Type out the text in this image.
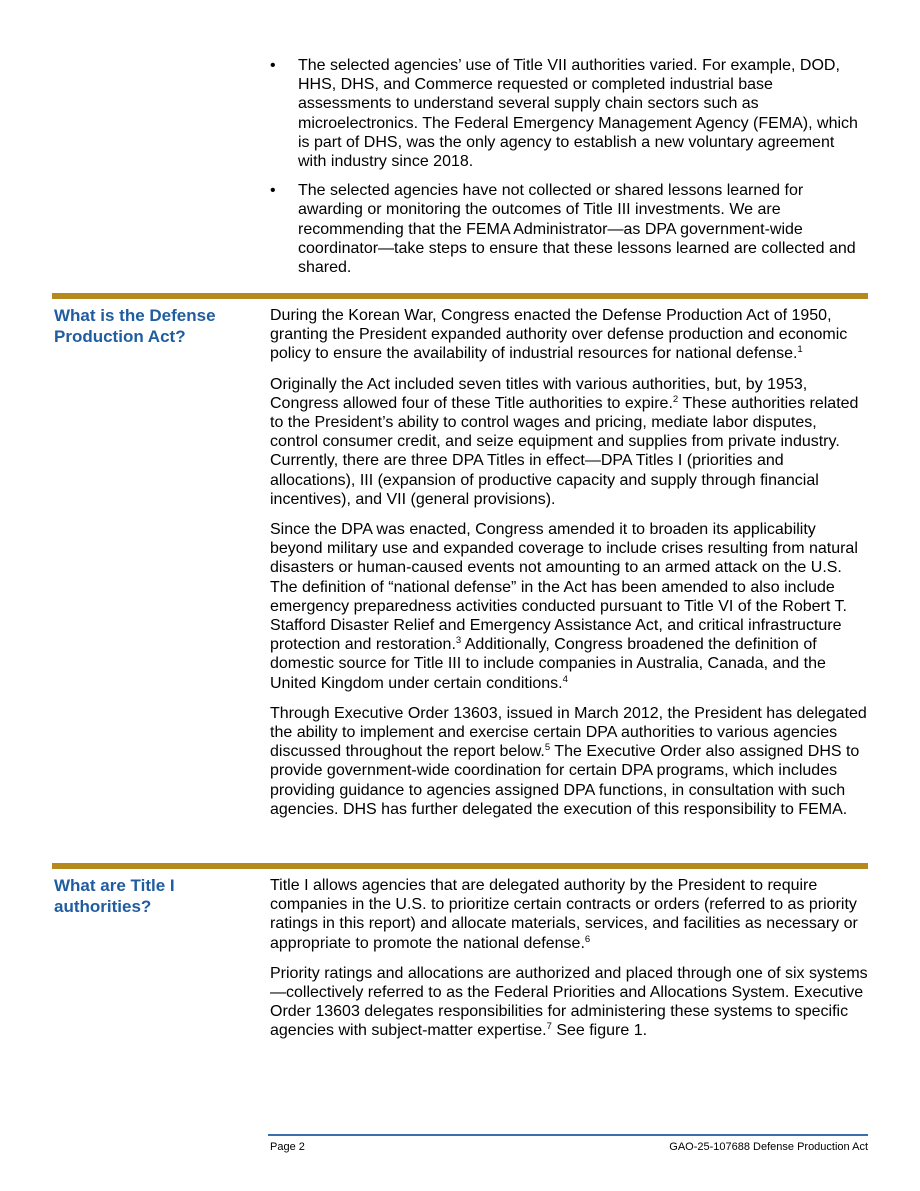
•	The selected agencies’ use of Title VII authorities varied. For example, DOD, HHS, DHS, and Commerce requested or completed industrial base assessments to understand several supply chain sectors such as microelectronics. The Federal Emergency Management Agency (FEMA), which is part of DHS, was the only agency to establish a new voluntary agreement with industry since 2018.
•	The selected agencies have not collected or shared lessons learned for awarding or monitoring the outcomes of Title III investments. We are recommending that the FEMA Administrator—as DPA government-wide coordinator—take steps to ensure that these lessons learned are collected and shared.
What is the Defense Production Act?

During the Korean War, Congress enacted the Defense Production Act of 1950, granting the President expanded authority over defense production and economic policy to ensure the availability of industrial resources for national defense.$^1$

Originally the Act included seven titles with various authorities, but, by 1953, Congress allowed four of these Title authorities to expire.$^2$ These authorities related to the President’s ability to control wages and pricing, mediate labor disputes, control consumer credit, and seize equipment and supplies from private industry. Currently, there are three DPA Titles in effect—DPA Titles I (priorities and allocations), III (expansion of productive capacity and supply through financial incentives), and VII (general provisions).

Since the DPA was enacted, Congress amended it to broaden its applicability beyond military use and expanded coverage to include crises resulting from natural disasters or human-caused events not amounting to an armed attack on the U.S. The definition of “national defense” in the Act has been amended to also include emergency preparedness activities conducted pursuant to Title VI of the Robert T. Stafford Disaster Relief and Emergency Assistance Act, and critical infrastructure protection and restoration.$^3$ Additionally, Congress broadened the definition of domestic source for Title III to include companies in Australia, Canada, and the United Kingdom under certain conditions.$^4$

Through Executive Order 13603, issued in March 2012, the President has delegated the ability to implement and exercise certain DPA authorities to various agencies discussed throughout the report below.$^5$ The Executive Order also assigned DHS to provide government-wide coordination for certain DPA programs, which includes providing guidance to agencies assigned DPA functions, in consultation with such agencies. DHS has further delegated the execution of this responsibility to FEMA.

What are Title I authorities?

Title I allows agencies that are delegated authority by the President to require companies in the U.S. to prioritize certain contracts or orders (referred to as priority ratings in this report) and allocate materials, services, and facilities as necessary or appropriate to promote the national defense.$^6$

Priority ratings and allocations are authorized and placed through one of six systems—collectively referred to as the Federal Priorities and Allocations System. Executive Order 13603 delegates responsibilities for administering these systems to specific agencies with subject-matter expertise.$^7$ See figure 1.

Page 2	GAO-25-107688 Defense Production Act
